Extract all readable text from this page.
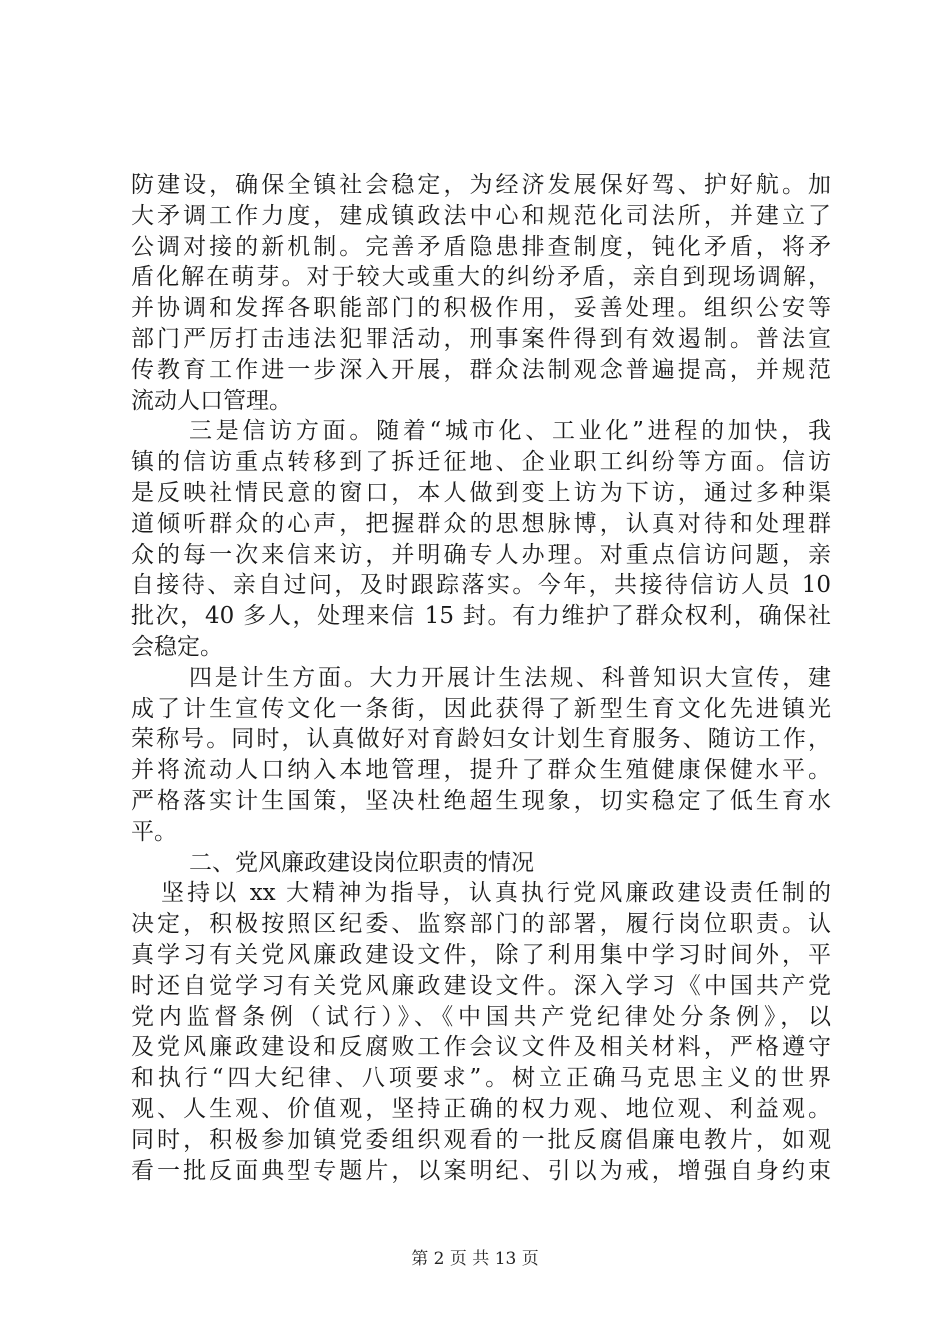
防建设，确保全镇社会稳定，为经济发展保好驾、护好航。加
大矛调工作力度，建成镇政法中心和规范化司法所，并建立了
公调对接的新机制。完善矛盾隐患排查制度，钝化矛盾，将矛
盾化解在萌芽。对于较大或重大的纠纷矛盾，亲自到现场调解，
并协调和发挥各职能部门的积极作用，妥善处理。组织公安等
部门严厉打击违法犯罪活动，刑事案件得到有效遏制。普法宣
传教育工作进一步深入开展，群众法制观念普遍提高，并规范
流动人口管理。
三是信访方面。随着“城市化、工业化”进程的加快，我
镇的信访重点转移到了拆迁征地、企业职工纠纷等方面。信访
是反映社情民意的窗口，本人做到变上访为下访，通过多种渠
道倾听群众的心声，把握群众的思想脉博，认真对待和处理群
众的每一次来信来访，并明确专人办理。对重点信访问题，亲
自接待、亲自过问，及时跟踪落实。今年，共接待信访人员 10
批次，40 多人，处理来信 15 封。有力维护了群众权利，确保社
会稳定。
四是计生方面。大力开展计生法规、科普知识大宣传，建
成了计生宣传文化一条街，因此获得了新型生育文化先进镇光
荣称号。同时，认真做好对育龄妇女计划生育服务、随访工作，
并将流动人口纳入本地管理，提升了群众生殖健康保健水平。
严格落实计生国策，坚决杜绝超生现象，切实稳定了低生育水
平。
二、党风廉政建设岗位职责的情况
坚持以 xx 大精神为指导，认真执行党风廉政建设责任制的
决定，积极按照区纪委、监察部门的部署，履行岗位职责。认
真学习有关党风廉政建设文件，除了利用集中学习时间外，平
时还自觉学习有关党风廉政建设文件。深入学习《中国共产党
党内监督条例（试行）》、《中国共产党纪律处分条例》，以
及党风廉政建设和反腐败工作会议文件及相关材料，严格遵守
和执行“四大纪律、八项要求”。树立正确马克思主义的世界
观、人生观、价值观，坚持正确的权力观、地位观、利益观。
同时，积极参加镇党委组织观看的一批反腐倡廉电教片，如观
看一批反面典型专题片，以案明纪、引以为戒，增强自身约束
第 2 页 共 13 页
